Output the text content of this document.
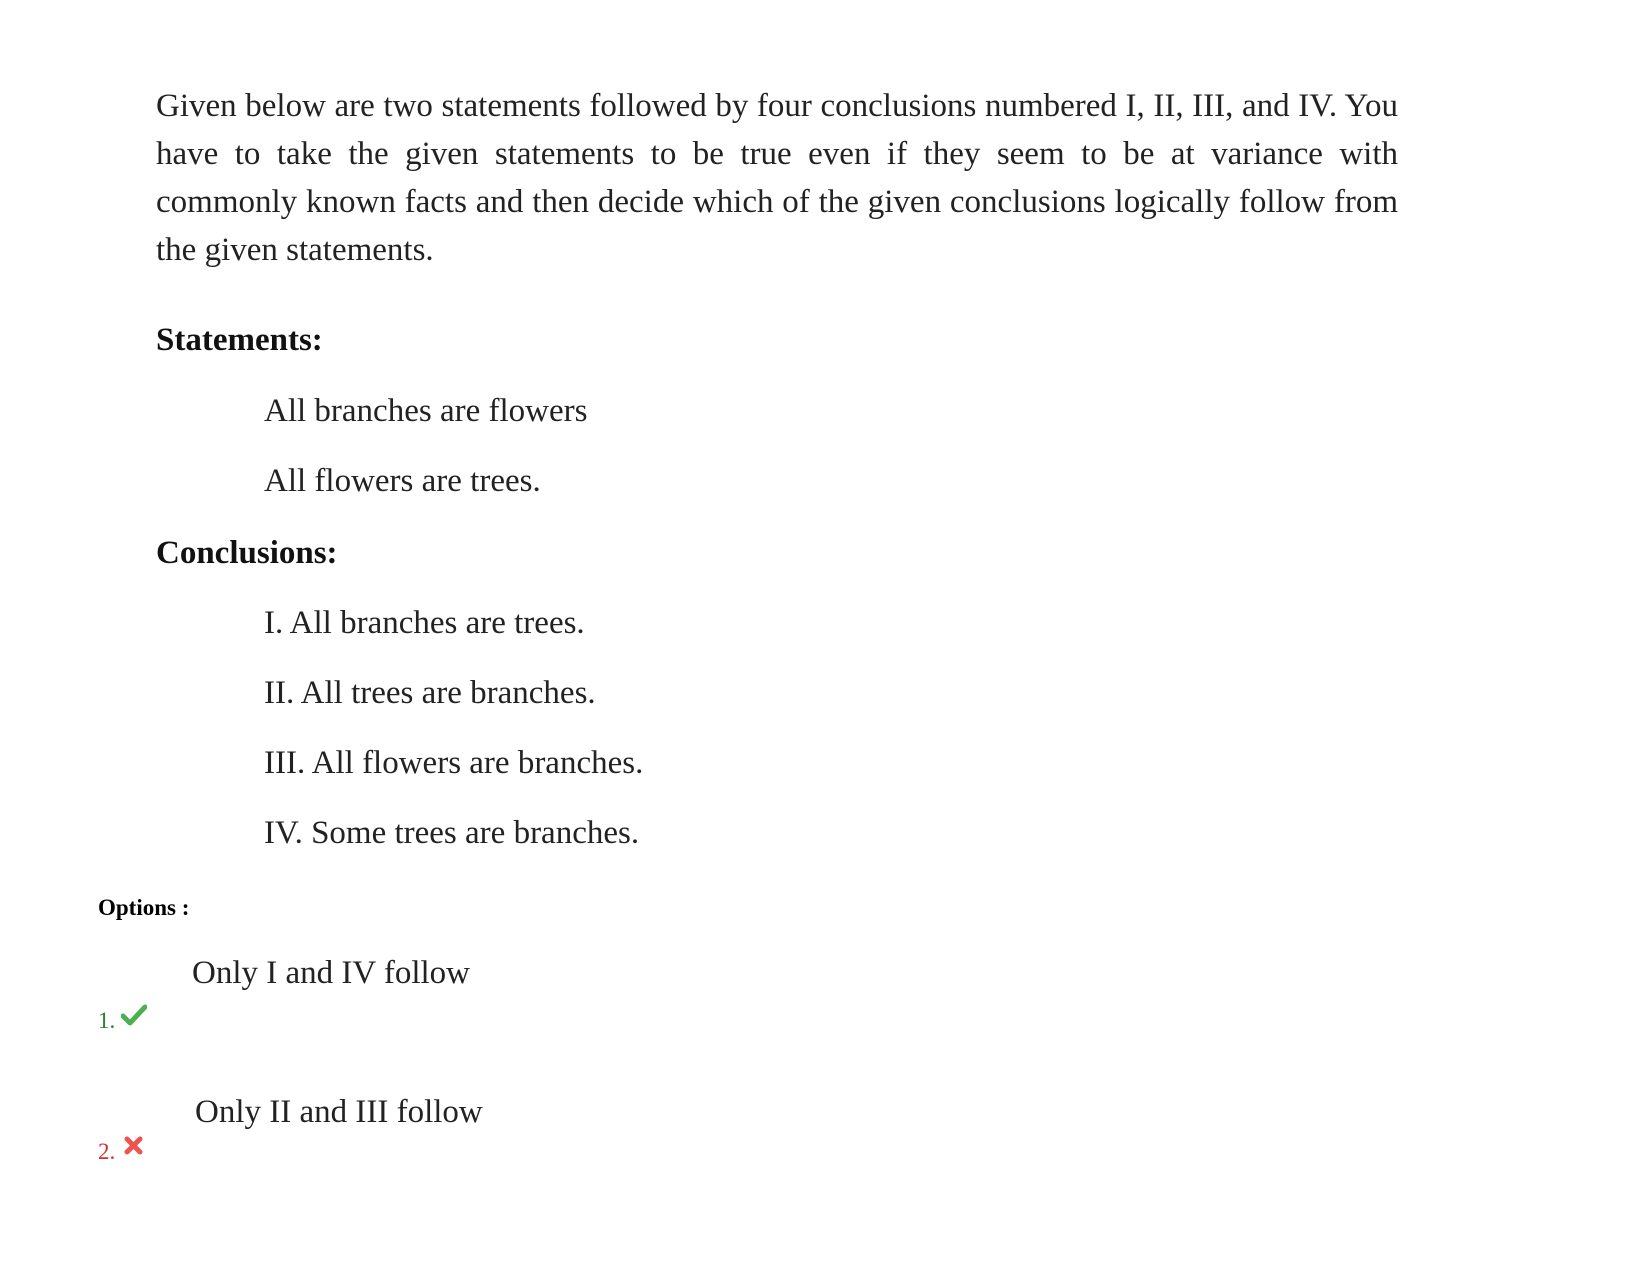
Given below are two statements followed by four conclusions numbered I, II, III, and IV. You have to take the given statements to be true even if they seem to be at variance with commonly known facts and then decide which of the given conclusions logically follow from the given statements.

Statements:

All branches are flowers

All flowers are trees.

Conclusions:

I. All branches are trees.

II. All trees are branches.

III. All flowers are branches.

IV. Some trees are branches.

Options :

Only I and IV follow

1.

Only II and III follow

2.
